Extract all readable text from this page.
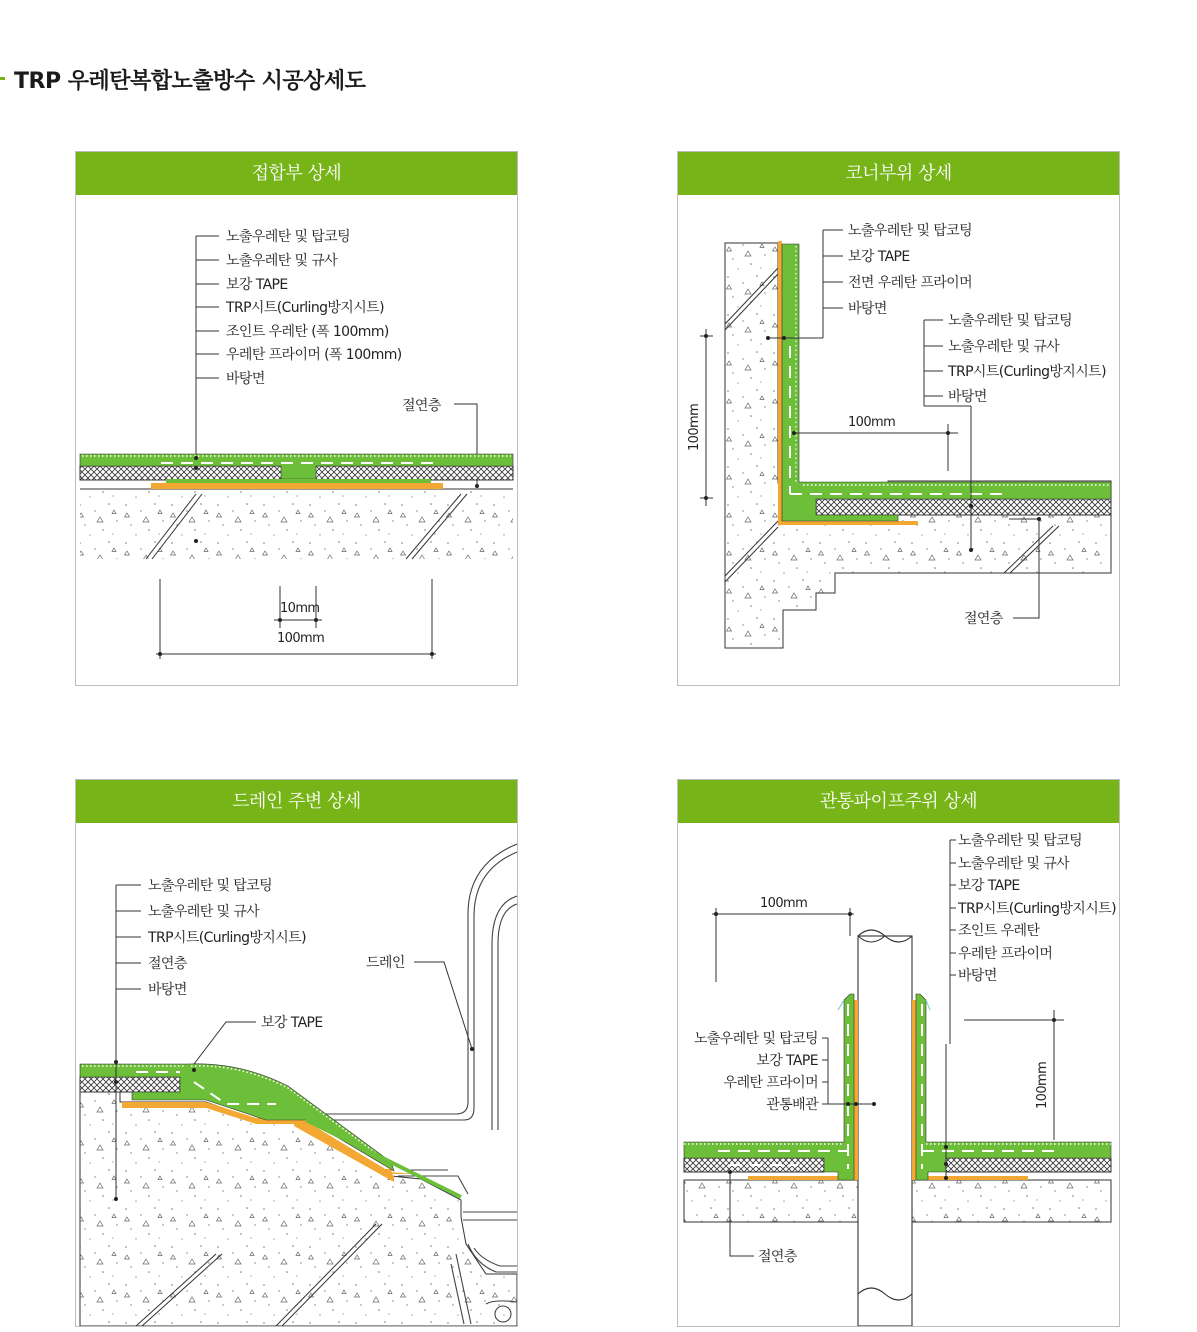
TRP 우레탄복합노출방수 시공상세도
접합부 상세
노출우레탄 및 탑코팅
노출우레탄 및 규사
보강 TAPE
TRP시트(Curling방지시트)
조인트 우레탄 (폭 100mm)
우레탄 프라이머 (폭 100mm)
바탕면
절연층
10mm
100mm
코너부위 상세
노출우레탄 및 탑코팅
보강 TAPE
전면 우레탄 프라이머
바탕면
노출우레탄 및 탑코팅
노출우레탄 및 규사
TRP시트(Curling방지시트)
바탕면
100mm
100mm
절연층
드레인 주변 상세
노출우레탄 및 탑코팅
노출우레탄 및 규사
TRP시트(Curling방지시트)
절연층
바탕면
드레인
보강 TAPE
관통파이프주위 상세
노출우레탄 및 탑코팅
노출우레탄 및 규사
보강 TAPE
TRP시트(Curling방지시트)
조인트 우레탄
우레탄 프라이머
바탕면
노출우레탄 및 탑코팅
보강 TAPE
우레탄 프라이머
관통배관
100mm
100mm
절연층
